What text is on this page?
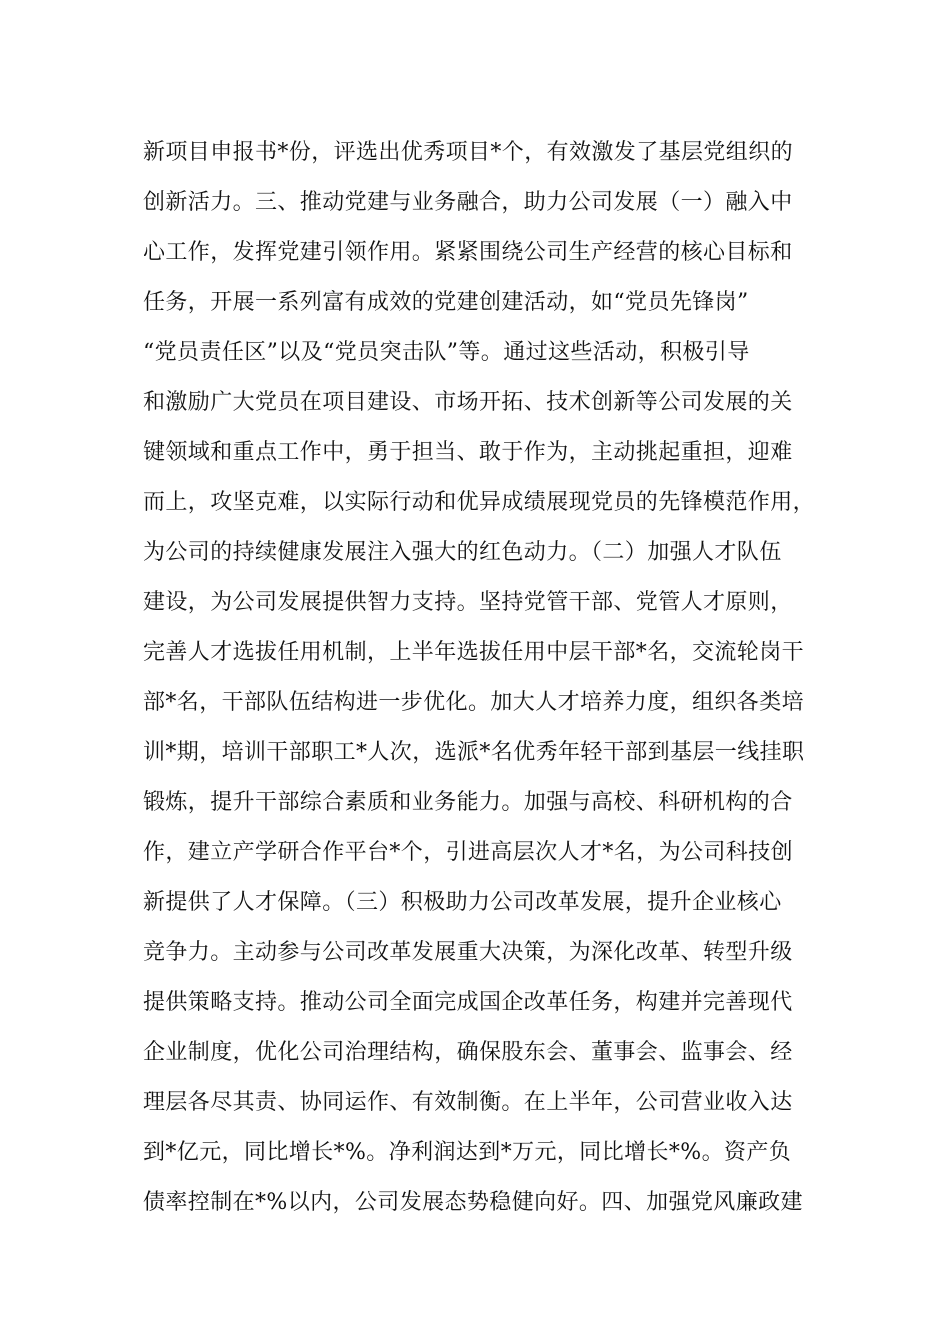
新项目申报书*份，评选出优秀项目*个，有效激发了基层党组织的
创新活力。三、推动党建与业务融合，助力公司发展（一）融入中
心工作，发挥党建引领作用。紧紧围绕公司生产经营的核心目标和
任务，开展一系列富有成效的党建创建活动，如“党员先锋岗”
“党员责任区”以及“党员突击队”等。通过这些活动，积极引导
和激励广大党员在项目建设、市场开拓、技术创新等公司发展的关
键领域和重点工作中，勇于担当、敢于作为，主动挑起重担，迎难
而上，攻坚克难，以实际行动和优异成绩展现党员的先锋模范作用，
为公司的持续健康发展注入强大的红色动力。（二）加强人才队伍
建设，为公司发展提供智力支持。坚持党管干部、党管人才原则，
完善人才选拔任用机制，上半年选拔任用中层干部*名，交流轮岗干
部*名，干部队伍结构进一步优化。加大人才培养力度，组织各类培
训*期，培训干部职工*人次，选派*名优秀年轻干部到基层一线挂职
锻炼，提升干部综合素质和业务能力。加强与高校、科研机构的合
作，建立产学研合作平台*个，引进高层次人才*名，为公司科技创
新提供了人才保障。（三）积极助力公司改革发展，提升企业核心
竞争力。主动参与公司改革发展重大决策，为深化改革、转型升级
提供策略支持。推动公司全面完成国企改革任务，构建并完善现代
企业制度，优化公司治理结构，确保股东会、董事会、监事会、经
理层各尽其责、协同运作、有效制衡。在上半年，公司营业收入达
到*亿元，同比增长*%。净利润达到*万元，同比增长*%。资产负
债率控制在*%以内，公司发展态势稳健向好。四、加强党风廉政建
